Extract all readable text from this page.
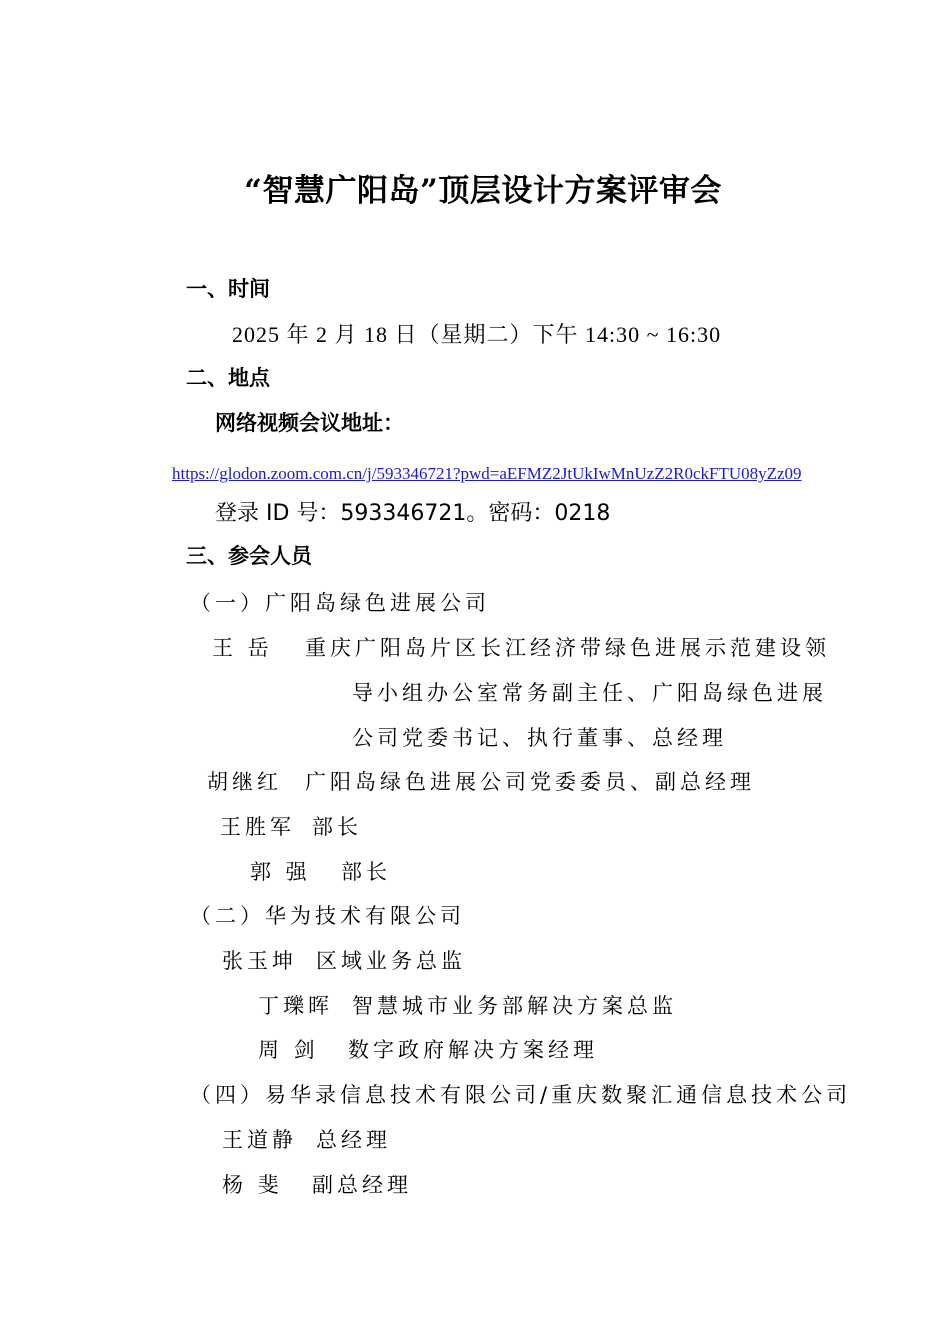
“智慧广阳岛”顶层设计方案评审会
一、时间
2025 年 2 月 18 日（星期二）下午 14:30 ~ 16:30
二、地点
网络视频会议地址：
https://glodon.zoom.com.cn/j/593346721?pwd=aEFMZ2JtUkIwMnUzZ2R0ckFTU08yZz09
登录 ID 号：593346721。密码：0218
三、参会人员
（一）广阳岛绿色进展公司
王 岳 重庆广阳岛片区长江经济带绿色进展示范建设领
导小组办公室常务副主任、广阳岛绿色进展
公司党委书记、执行董事、总经理
胡继红 广阳岛绿色进展公司党委委员、副总经理
王胜军 部长
郭 强 部长
（二）华为技术有限公司
张玉坤 区域业务总监
丁瓅晖 智慧城市业务部解决方案总监
周 剑 数字政府解决方案经理
（四）易华录信息技术有限公司/重庆数聚汇通信息技术公司
王道静 总经理
杨 斐 副总经理
